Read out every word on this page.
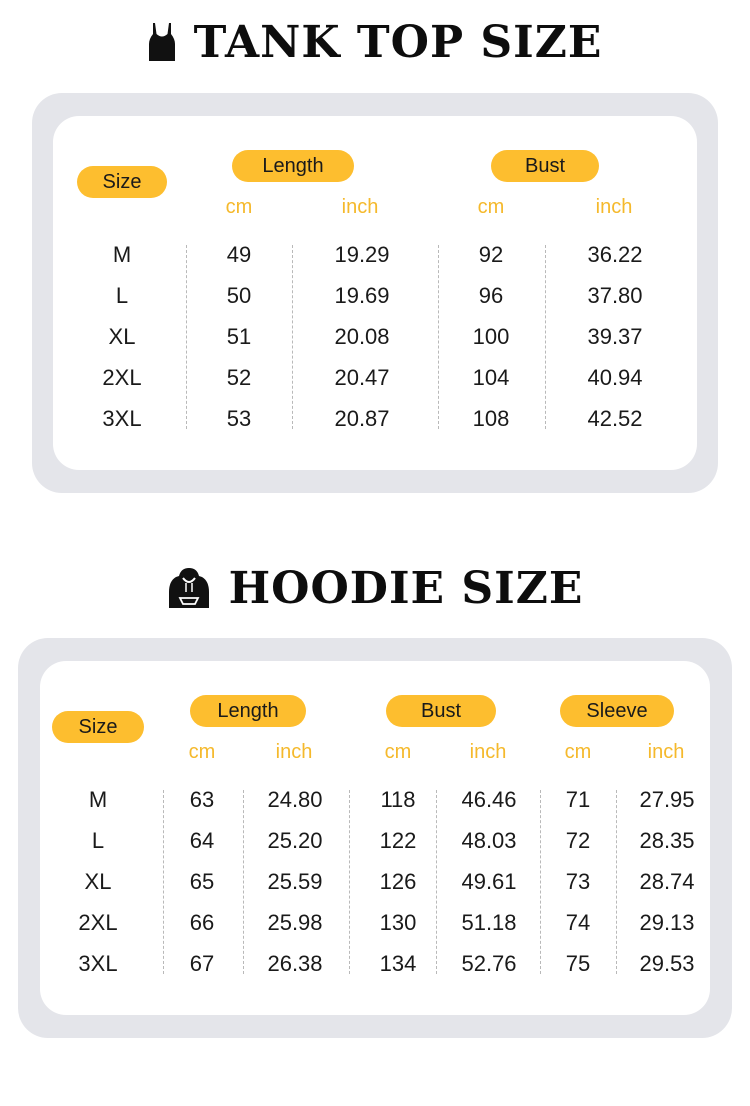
TANK TOP SIZE
Size
Length	Bust
cm	inch	cm	inch
M	49	19.29	92	36.22
L	50	19.69	96	37.80
XL	51	20.08	100	39.37
2XL	52	20.47	104	40.94
3XL	53	20.87	108	42.52
HOODIE SIZE
Size
Length	Bust	Sleeve
cm	inch	cm	inch	cm	inch
M	63	24.80	118	46.46	71	27.95
L	64	25.20	122	48.03	72	28.35
XL	65	25.59	126	49.61	73	28.74
2XL	66	25.98	130	51.18	74	29.13
3XL	67	26.38	134	52.76	75	29.53
